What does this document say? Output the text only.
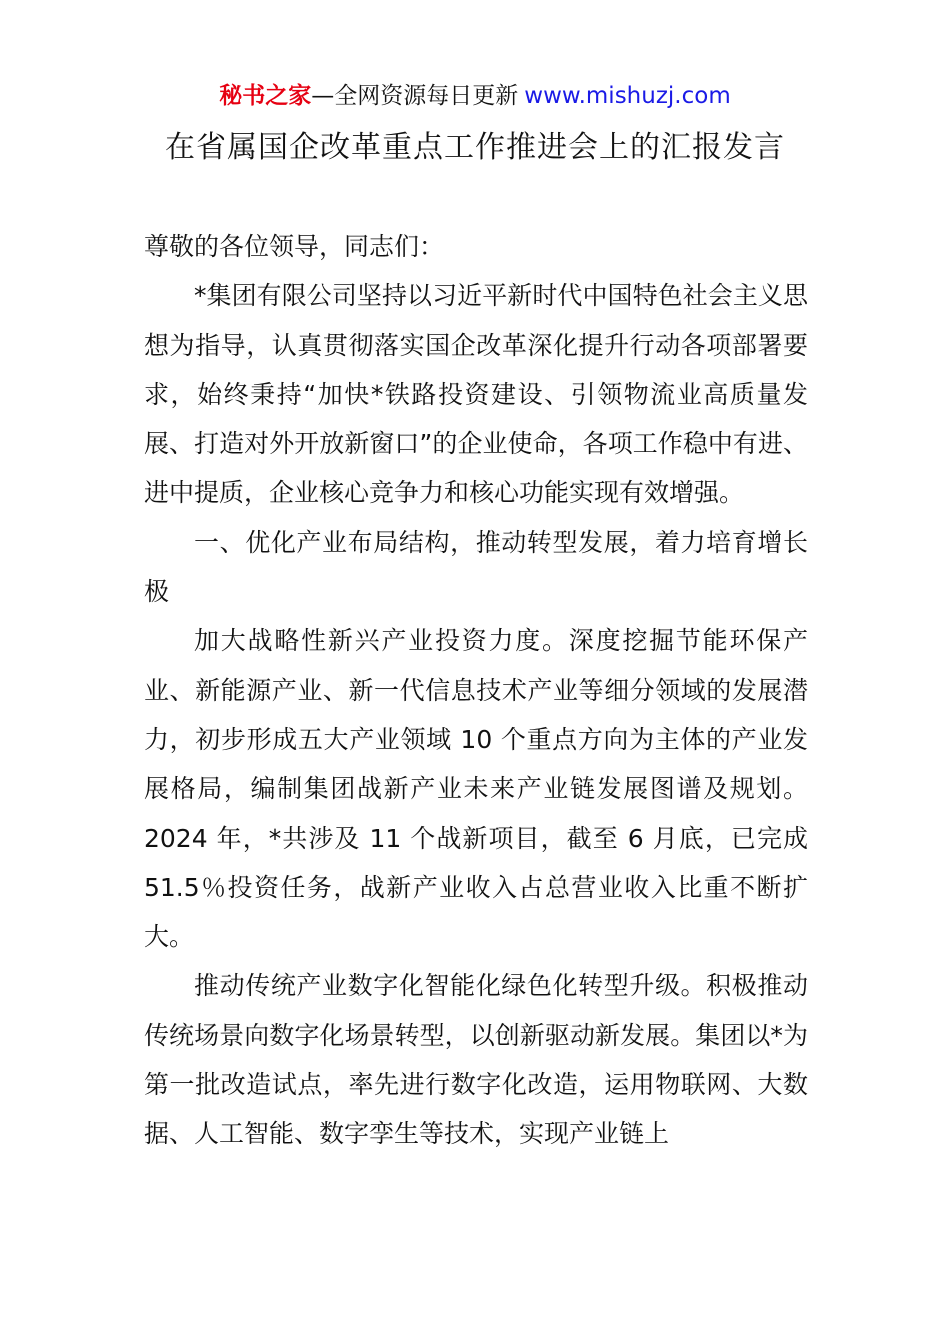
秘书之家—全网资源每日更新 www.mishuzj.com
在省属国企改革重点工作推进会上的汇报发言

尊敬的各位领导，同志们：

*集团有限公司坚持以习近平新时代中国特色社会主义思想为指导，认真贯彻落实国企改革深化提升行动各项部署要求，始终秉持“加快*铁路投资建设、引领物流业高质量发展、打造对外开放新窗口”的企业使命，各项工作稳中有进、进中提质，企业核心竞争力和核心功能实现有效增强。

一、优化产业布局结构，推动转型发展，着力培育增长极

加大战略性新兴产业投资力度。深度挖掘节能环保产业、新能源产业、新一代信息技术产业等细分领域的发展潜力，初步形成五大产业领域 10 个重点方向为主体的产业发展格局，编制集团战新产业未来产业链发展图谱及规划。2024 年，*共涉及 11 个战新项目，截至 6 月底，已完成 51.5％投资任务，战新产业收入占总营业收入比重不断扩大。

推动传统产业数字化智能化绿色化转型升级。积极推动传统场景向数字化场景转型，以创新驱动新发展。集团以*为第一批改造试点，率先进行数字化改造，运用物联网、大数据、人工智能、数字孪生等技术，实现产业链上
